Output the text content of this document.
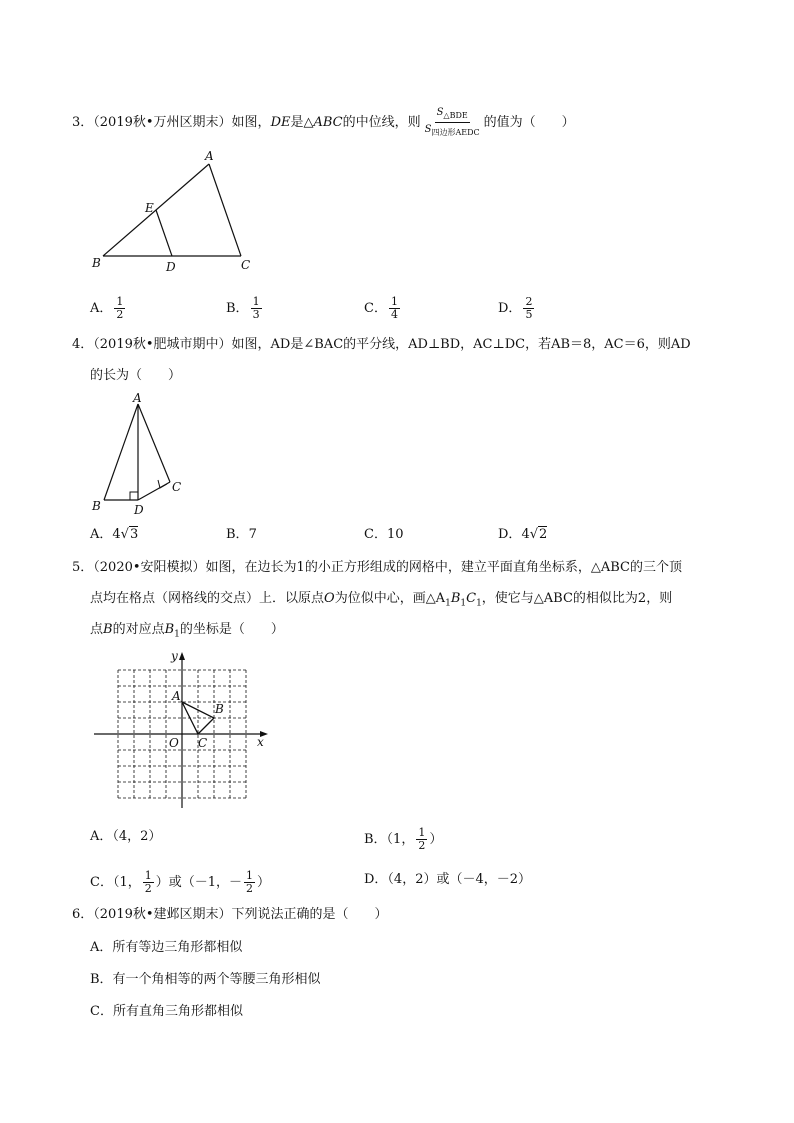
3．（2019秋•万州区期末）如图，DE是△ABC的中位线，则 $\frac{S_{\triangle BDE}}{S_{四边形AEDC}}$ 的值为（　　）
A
E
B	D	C
A． $\frac{1}{2}$	B． $\frac{1}{3}$	C． $\frac{1}{4}$	D． $\frac{2}{5}$
4．（2019秋•肥城市期中）如图，AD是∠BAC的平分线，AD⊥BD，AC⊥DC，若AB＝8，AC＝6，则AD
的长为（　　）
A
B
C
D
A．4√3	B．7	C．10	D．4√2
5．（2020•安阳模拟）如图，在边长为1的小正方形组成的网格中，建立平面直角坐标系，△ABC的三个顶
点均在格点（网格线的交点）上．以原点O为位似中心，画$\triangle A_1B_1C_1$，使它与△ABC的相似比为2，则
点B的对应点$B_1$的坐标是（　　）
y
x
O
A
B
C
A．（4，2）	B．（1， $\frac{1}{2}$ ）
C．（1， $\frac{1}{2}$ ）或（－1，－ $\frac{1}{2}$ ）	D．（4，2）或（－4，－2）
6．（2019秋•建邺区期末）下列说法正确的是（　　）
A．所有等边三角形都相似
B．有一个角相等的两个等腰三角形相似
C．所有直角三角形都相似
